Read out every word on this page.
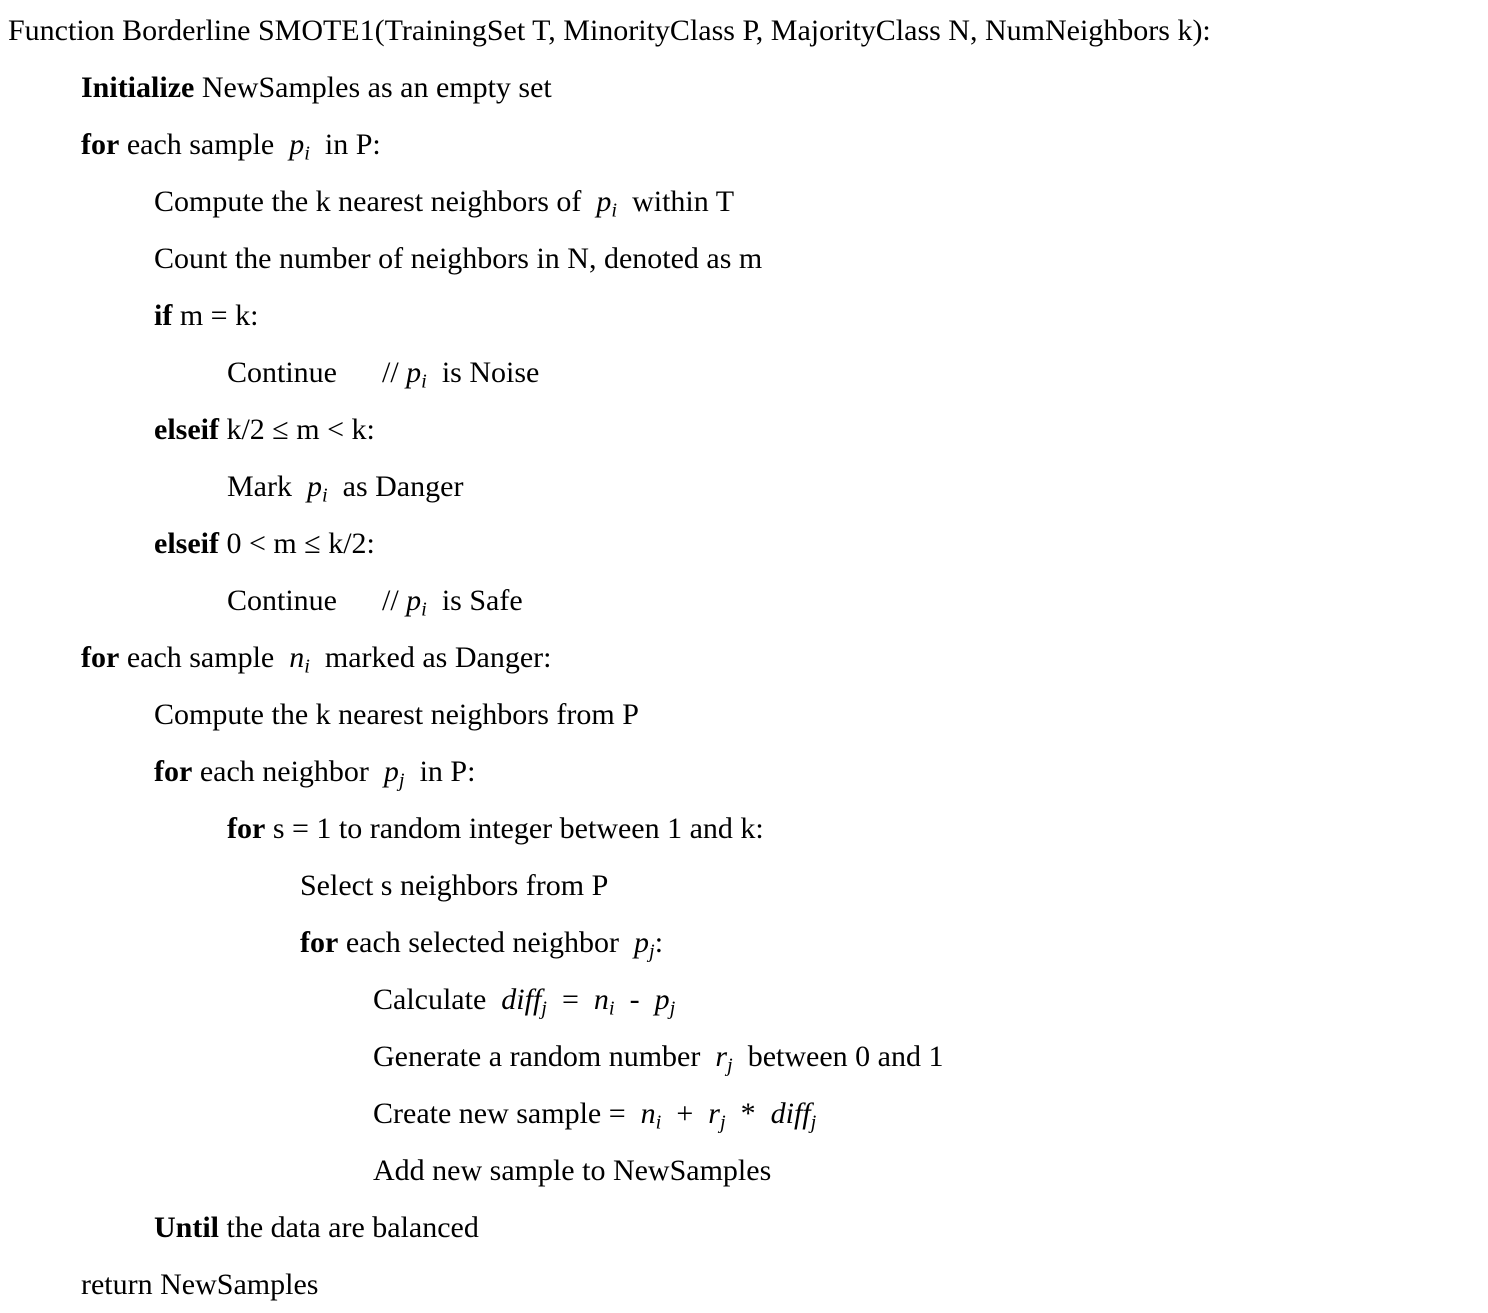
Function Borderline SMOTE1(TrainingSet T, MinorityClass P, MajorityClass N, NumNeighbors k):
Initialize NewSamples as an empty set
for each sample  $p_i$  in P:
Compute the k nearest neighbors of  $p_i$  within T
Count the number of neighbors in N, denoted as m
if m = k:
Continue      // $p_i$  is Noise
elseif k/2 ≤ m < k:
Mark  $p_i$  as Danger
elseif 0 < m ≤ k/2:
Continue      // $p_i$  is Safe
for each sample  $n_i$  marked as Danger:
Compute the k nearest neighbors from P
for each neighbor  $p_j$  in P:
for s = 1 to random integer between 1 and k:
Select s neighbors from P
for each selected neighbor  $p_j$:
Calculate  diff$_j$  =  $n_i - p_j$
Generate a random number  $r_j$  between 0 and 1
Create new sample =  $n_i + r_j$  *  diff$_j$
Add new sample to NewSamples
Until the data are balanced
return NewSamples
